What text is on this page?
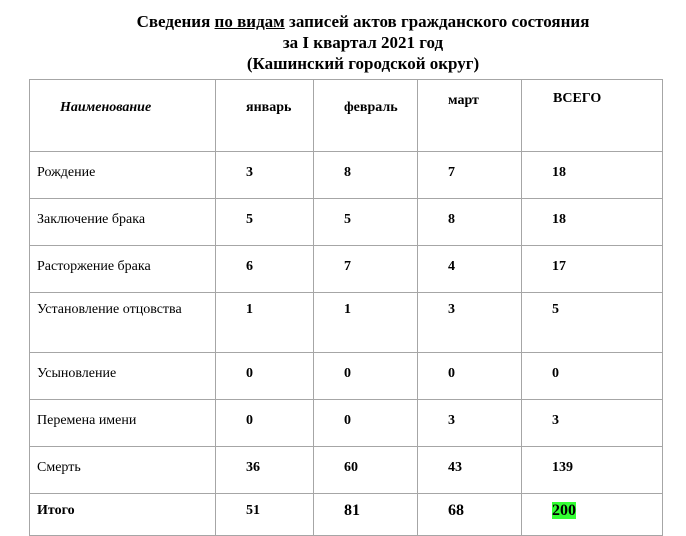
Сведения по видам записей актов гражданского состояния
за I квартал 2021 год
(Кашинский городской округ)
Наименование	январь	февраль	март	ВСЕГО
Рождение	3	8	7	18
Заключение брака	5	5	8	18
Расторжение брака	6	7	4	17
Установление отцовства	1	1	3	5
Усыновление	0	0	0	0
Перемена имени	0	0	3	3
Смерть	36	60	43	139
Итого	51	81	68	200
